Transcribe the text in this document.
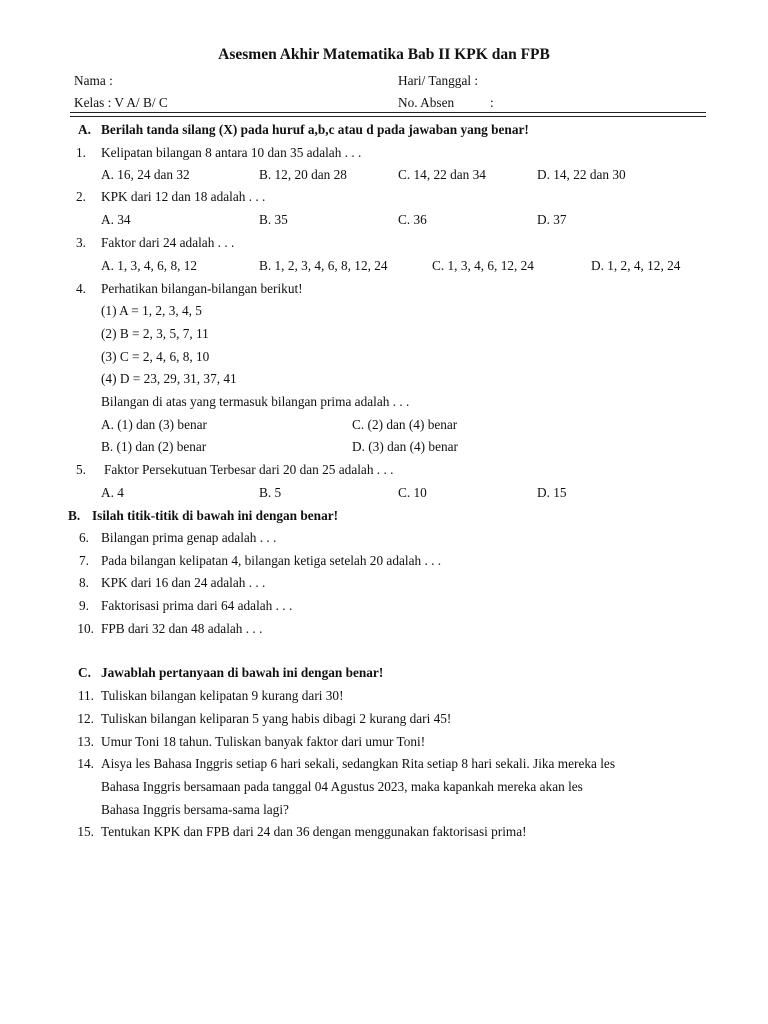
Asesmen Akhir Matematika Bab II KPK dan FPB
Nama :	Hari/ Tanggal :
Kelas : V A/ B/ C	No. Absen	:
A. Berilah tanda silang (X) pada huruf a,b,c atau d pada jawaban yang benar!
1. Kelipatan bilangan 8 antara 10 dan 35 adalah . . .
A. 16, 24 dan 32	B. 12, 20 dan 28	C. 14, 22 dan 34	D. 14, 22 dan 30
2. KPK dari 12 dan 18 adalah . . .
A. 34	B. 35	C. 36	D. 37
3. Faktor dari 24 adalah . . .
A. 1, 3, 4, 6, 8, 12	B. 1, 2, 3, 4, 6, 8, 12, 24	C. 1, 3, 4, 6, 12, 24	D. 1, 2, 4, 12, 24
4. Perhatikan bilangan-bilangan berikut!
(1) A = 1, 2, 3, 4, 5
(2) B = 2, 3, 5, 7, 11
(3) C = 2, 4, 6, 8, 10
(4) D = 23, 29, 31, 37, 41
Bilangan di atas yang termasuk bilangan prima adalah . . .
A. (1) dan (3) benar	C. (2) dan (4) benar
B. (1) dan (2) benar	D. (3) dan (4) benar
5. Faktor Persekutuan Terbesar dari 20 dan 25 adalah . . .
A. 4	B. 5	C. 10	D. 15
B. Isilah titik-titik di bawah ini dengan benar!
6. Bilangan prima genap adalah . . .
7. Pada bilangan kelipatan 4, bilangan ketiga setelah 20 adalah . . .
8. KPK dari 16 dan 24 adalah . . .
9. Faktorisasi prima dari 64 adalah . . .
10. FPB dari 32 dan 48 adalah . . .
C. Jawablah pertanyaan di bawah ini dengan benar!
11. Tuliskan bilangan kelipatan 9 kurang dari 30!
12. Tuliskan bilangan keliparan 5 yang habis dibagi 2 kurang dari 45!
13. Umur Toni 18 tahun. Tuliskan banyak faktor dari umur Toni!
14. Aisya les Bahasa Inggris setiap 6 hari sekali, sedangkan Rita setiap 8 hari sekali. Jika mereka les
Bahasa Inggris bersamaan pada tanggal 04 Agustus 2023, maka kapankah mereka akan les
Bahasa Inggris bersama-sama lagi?
15. Tentukan KPK dan FPB dari 24 dan 36 dengan menggunakan faktorisasi prima!
